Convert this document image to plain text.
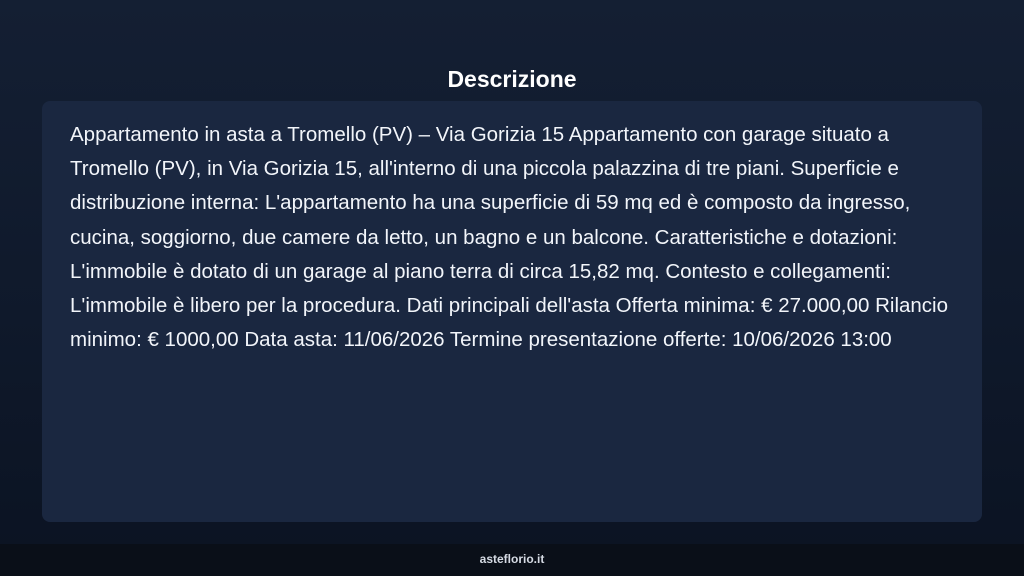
Descrizione

Appartamento in asta a Tromello (PV) – Via Gorizia 15 Appartamento con garage situato a Tromello (PV), in Via Gorizia 15, all'interno di una piccola palazzina di tre piani. Superficie e distribuzione interna: L'appartamento ha una superficie di 59 mq ed è composto da ingresso, cucina, soggiorno, due camere da letto, un bagno e un balcone. Caratteristiche e dotazioni: L'immobile è dotato di un garage al piano terra di circa 15,82 mq. Contesto e collegamenti: L'immobile è libero per la procedura. Dati principali dell'asta Offerta minima: € 27.000,00 Rilancio minimo: € 1000,00 Data asta: 11/06/2026 Termine presentazione offerte: 10/06/2026 13:00

asteflorio.it
